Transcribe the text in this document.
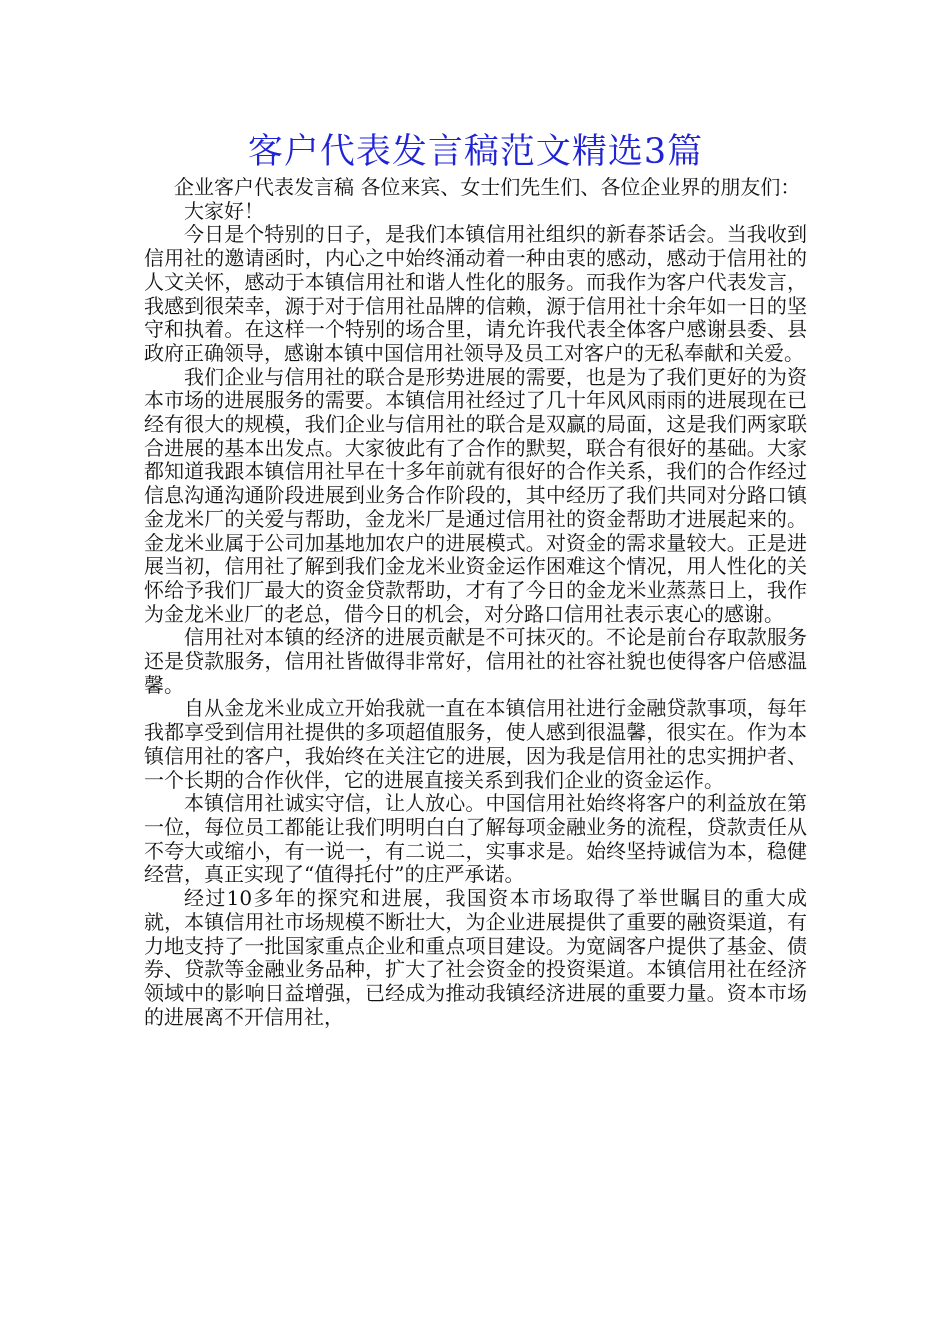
客户代表发言稿范文精选3篇

企业客户代表发言稿 各位来宾、女士们先生们、各位企业界的朋友们：

大家好！

今日是个特别的日子，是我们本镇信用社组织的新春茶话会。当我收到信用社的邀请函时，内心之中始终涌动着一种由衷的感动，感动于信用社的人文关怀，感动于本镇信用社和谐人性化的服务。而我作为客户代表发言，我感到很荣幸，源于对于信用社品牌的信赖，源于信用社十余年如一日的坚守和执着。在这样一个特别的场合里，请允许我代表全体客户感谢县委、县政府正确领导，感谢本镇中国信用社领导及员工对客户的无私奉献和关爱。

我们企业与信用社的联合是形势进展的需要，也是为了我们更好的为资本市场的进展服务的需要。本镇信用社经过了几十年风风雨雨的进展现在已经有很大的规模，我们企业与信用社的联合是双赢的局面，这是我们两家联合进展的基本出发点。大家彼此有了合作的默契，联合有很好的基础。大家都知道我跟本镇信用社早在十多年前就有很好的合作关系，我们的合作经过信息沟通沟通阶段进展到业务合作阶段的，其中经历了我们共同对分路口镇金龙米厂的关爱与帮助，金龙米厂是通过信用社的资金帮助才进展起来的。金龙米业属于公司加基地加农户的进展模式。对资金的需求量较大。正是进展当初，信用社了解到我们金龙米业资金运作困难这个情况，用人性化的关怀给予我们厂最大的资金贷款帮助，才有了今日的金龙米业蒸蒸日上，我作为金龙米业厂的老总，借今日的机会，对分路口信用社表示衷心的感谢。

信用社对本镇的经济的进展贡献是不可抹灭的。不论是前台存取款服务还是贷款服务，信用社皆做得非常好，信用社的社容社貌也使得客户倍感温馨。

自从金龙米业成立开始我就一直在本镇信用社进行金融贷款事项，每年我都享受到信用社提供的多项超值服务，使人感到很温馨，很实在。作为本镇信用社的客户，我始终在关注它的进展，因为我是信用社的忠实拥护者、一个长期的合作伙伴，它的进展直接关系到我们企业的资金运作。

本镇信用社诚实守信，让人放心。中国信用社始终将客户的利益放在第一位，每位员工都能让我们明明白白了解每项金融业务的流程，贷款责任从不夸大或缩小，有一说一，有二说二，实事求是。始终坚持诚信为本，稳健经营，真正实现了“值得托付”的庄严承诺。

经过10多年的探究和进展，我国资本市场取得了举世瞩目的重大成就，本镇信用社市场规模不断壮大，为企业进展提供了重要的融资渠道，有力地支持了一批国家重点企业和重点项目建设。为宽阔客户提供了基金、债券、贷款等金融业务品种，扩大了社会资金的投资渠道。本镇信用社在经济领域中的影响日益增强，已经成为推动我镇经济进展的重要力量。资本市场的进展离不开信用社，
